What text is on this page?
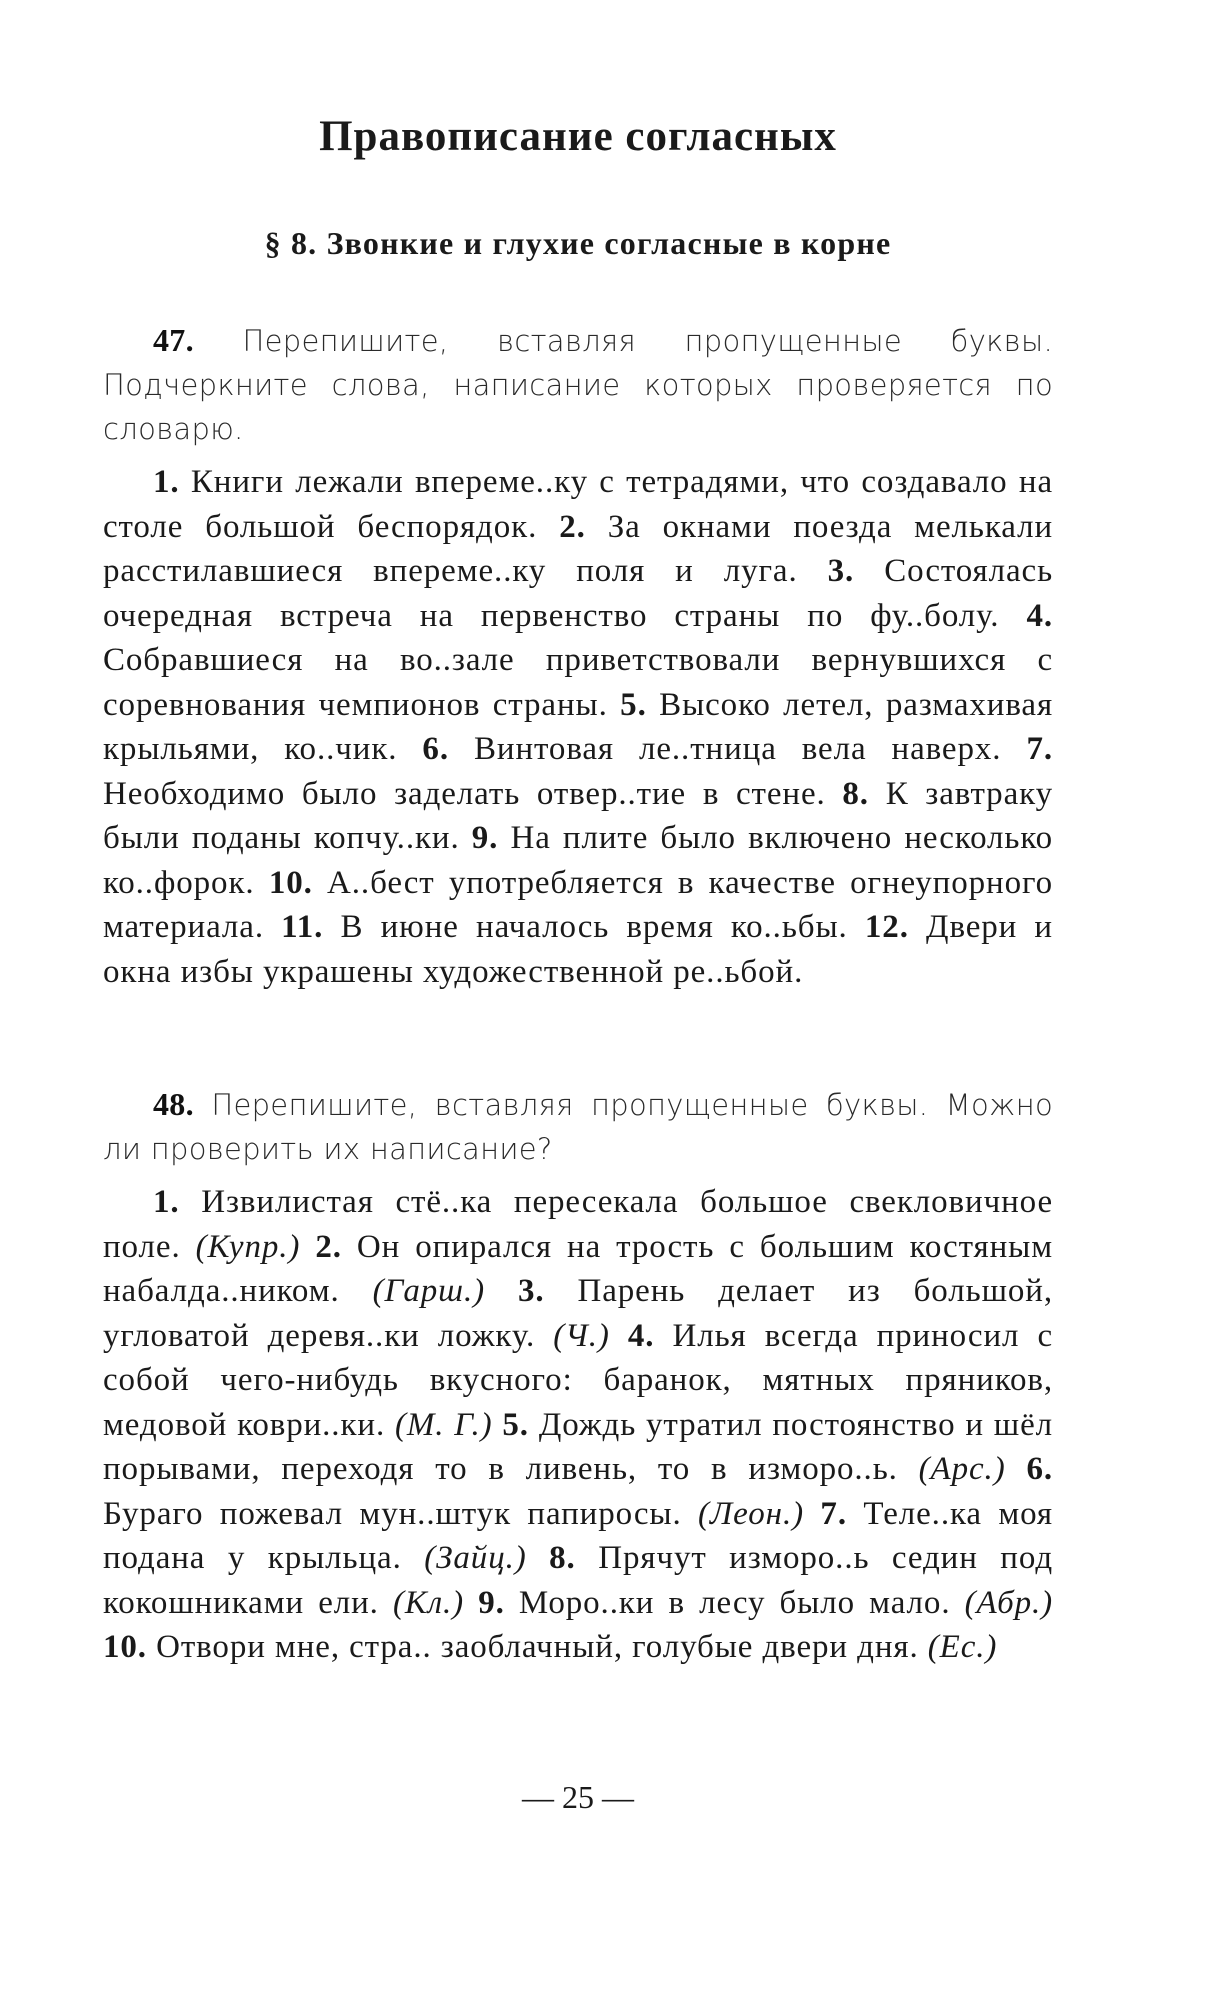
Правописание согласных
§ 8. Звонкие и глухие согласные в корне

47. Перепишите, вставляя пропущенные буквы. Подчеркните слова, написание которых проверяется по словарю.

1. Книги лежали впереме..ку с тетрадями, что создавало на столе большой беспорядок. 2. За окнами поезда мелькали расстилавшиеся впереме..ку поля и луга. 3. Состоялась очередная встреча на первенство страны по фу..болу. 4. Собравшиеся на во..зале приветствовали вернувшихся с соревнования чемпионов страны. 5. Высоко летел, размахивая крыльями, ко..чик. 6. Винтовая ле..тница вела наверх. 7. Необходимо было заделать отвер..тие в стене. 8. К завтраку были поданы копчу..ки. 9. На плите было включено несколько ко..форок. 10. А..бест употребляется в качестве огнеупорного материала. 11. В июне началось время ко..ьбы. 12. Двери и окна избы украшены художественной ре..ьбой.

48. Перепишите, вставляя пропущенные буквы. Можно ли проверить их написание?

1. Извилистая стё..ка пересекала большое свекловичное поле. (Купр.) 2. Он опирался на трость с большим костяным набалда..ником. (Гарш.) 3. Парень делает из большой, угловатой деревя..ки ложку. (Ч.) 4. Илья всегда приносил с собой чего-нибудь вкусного: баранок, мятных пряников, медовой коври..ки. (М. Г.) 5. Дождь утратил постоянство и шёл порывами, переходя то в ливень, то в изморо..ь. (Арс.) 6. Бураго пожевал мун..штук папиросы. (Леон.) 7. Теле..ка моя подана у крыльца. (Зайц.) 8. Прячут изморо..ь седин под кокошниками ели. (Кл.) 9. Моро..ки в лесу было мало. (Абр.) 10. Отвори мне, стра.. заоблачный, голубые двери дня. (Ес.)

— 25 —
